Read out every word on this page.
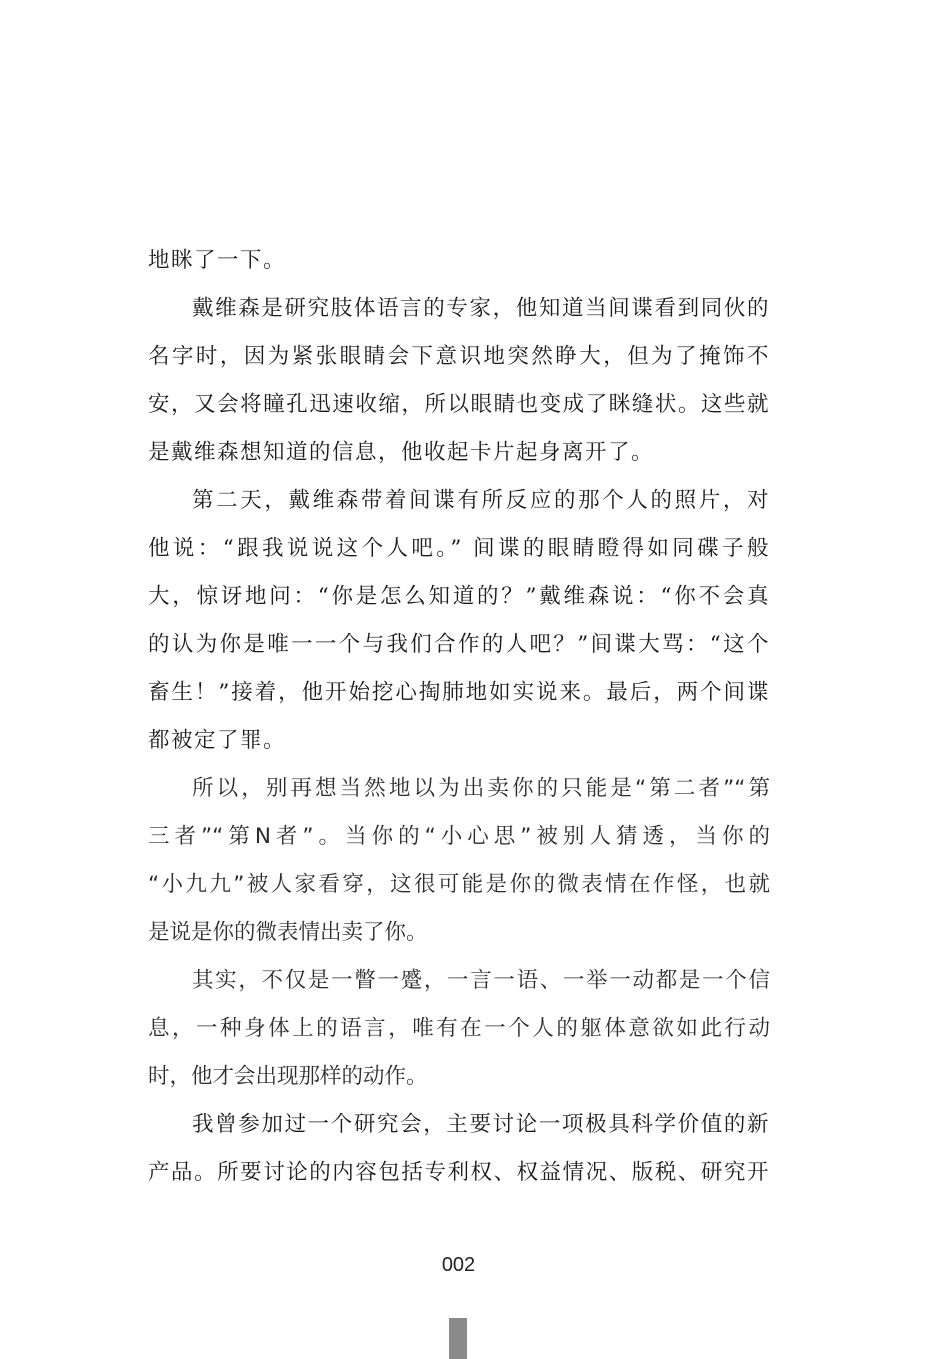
地眯了一下。
戴维森是研究肢体语言的专家，他知道当间谍看到同伙的
名字时，因为紧张眼睛会下意识地突然睁大，但为了掩饰不
安，又会将瞳孔迅速收缩，所以眼睛也变成了眯缝状。这些就
是戴维森想知道的信息，他收起卡片起身离开了。
第二天，戴维森带着间谍有所反应的那个人的照片，对
他说：“跟我说说这个人吧。” 间谍的眼睛瞪得如同碟子般
大，惊讶地问：“你是怎么知道的？”戴维森说：“你不会真
的认为你是唯一一个与我们合作的人吧？”间谍大骂：“这个
畜生！”接着，他开始挖心掏肺地如实说来。最后，两个间谍
都被定了罪。
所以，别再想当然地以为出卖你的只能是“第二者”“第
三者”“第N者”。当你的“小心思”被别人猜透，当你的
“小九九”被人家看穿，这很可能是你的微表情在作怪，也就
是说是你的微表情出卖了你。
其实，不仅是一瞥一蹙，一言一语、一举一动都是一个信
息，一种身体上的语言，唯有在一个人的躯体意欲如此行动
时，他才会出现那样的动作。
我曾参加过一个研究会，主要讨论一项极具科学价值的新
产品。所要讨论的内容包括专利权、权益情况、版税、研究开
002
